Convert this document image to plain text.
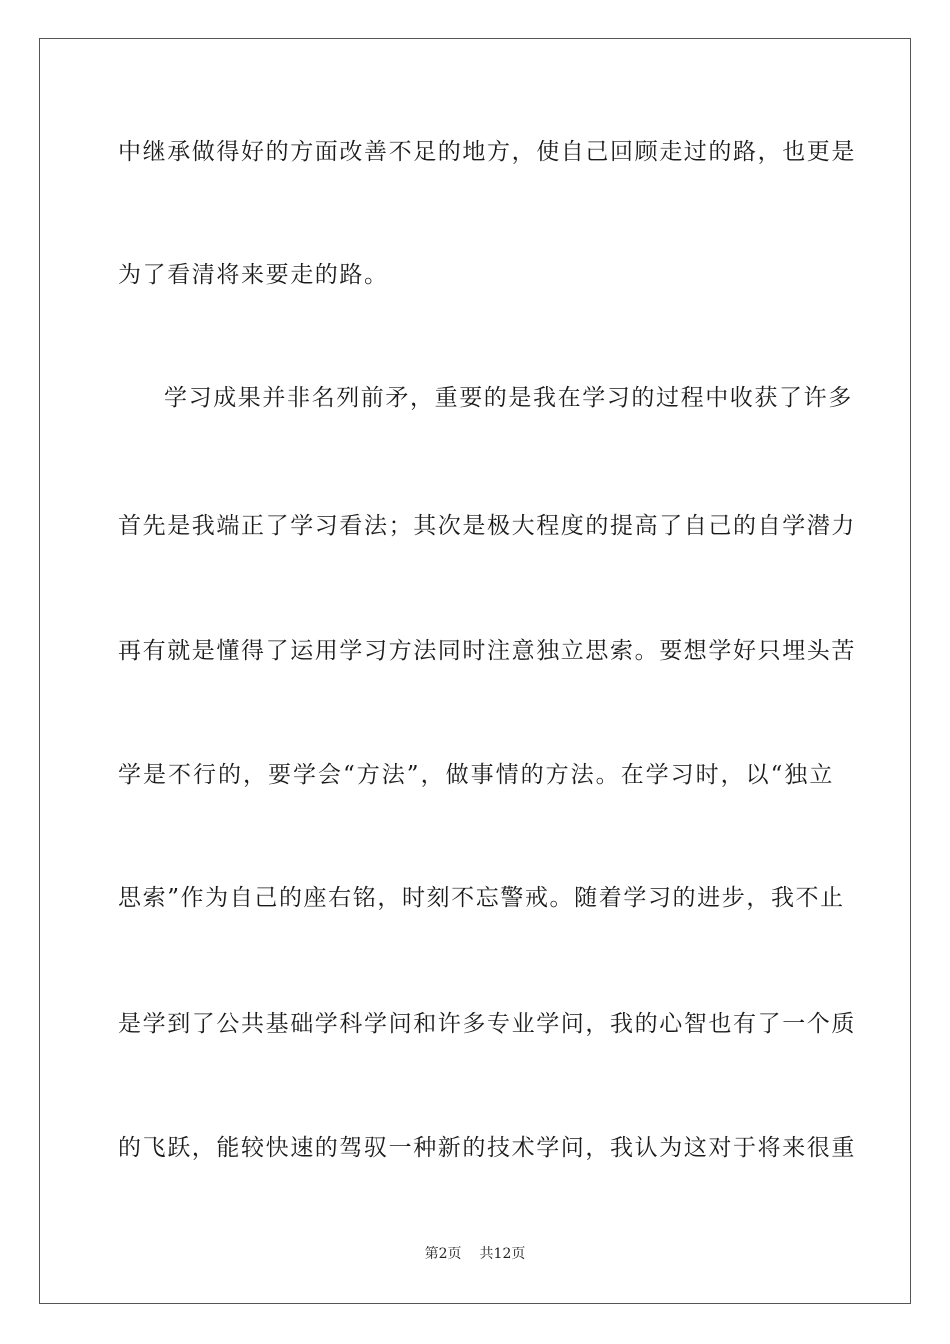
中继承做得好的方面改善不足的地方，使自己回顾走过的路，也更是
为了看清将来要走的路。
学习成果并非名列前矛，重要的是我在学习的过程中收获了许多
首先是我端正了学习看法；其次是极大程度的提高了自己的自学潜力
再有就是懂得了运用学习方法同时注意独立思索。要想学好只埋头苦
学是不行的，要学会“方法”，做事情的方法。在学习时，以“独立
思索”作为自己的座右铭，时刻不忘警戒。随着学习的进步，我不止
是学到了公共基础学科学问和许多专业学问，我的心智也有了一个质
的飞跃，能较快速的驾驭一种新的技术学问，我认为这对于将来很重
第2页 共12页
